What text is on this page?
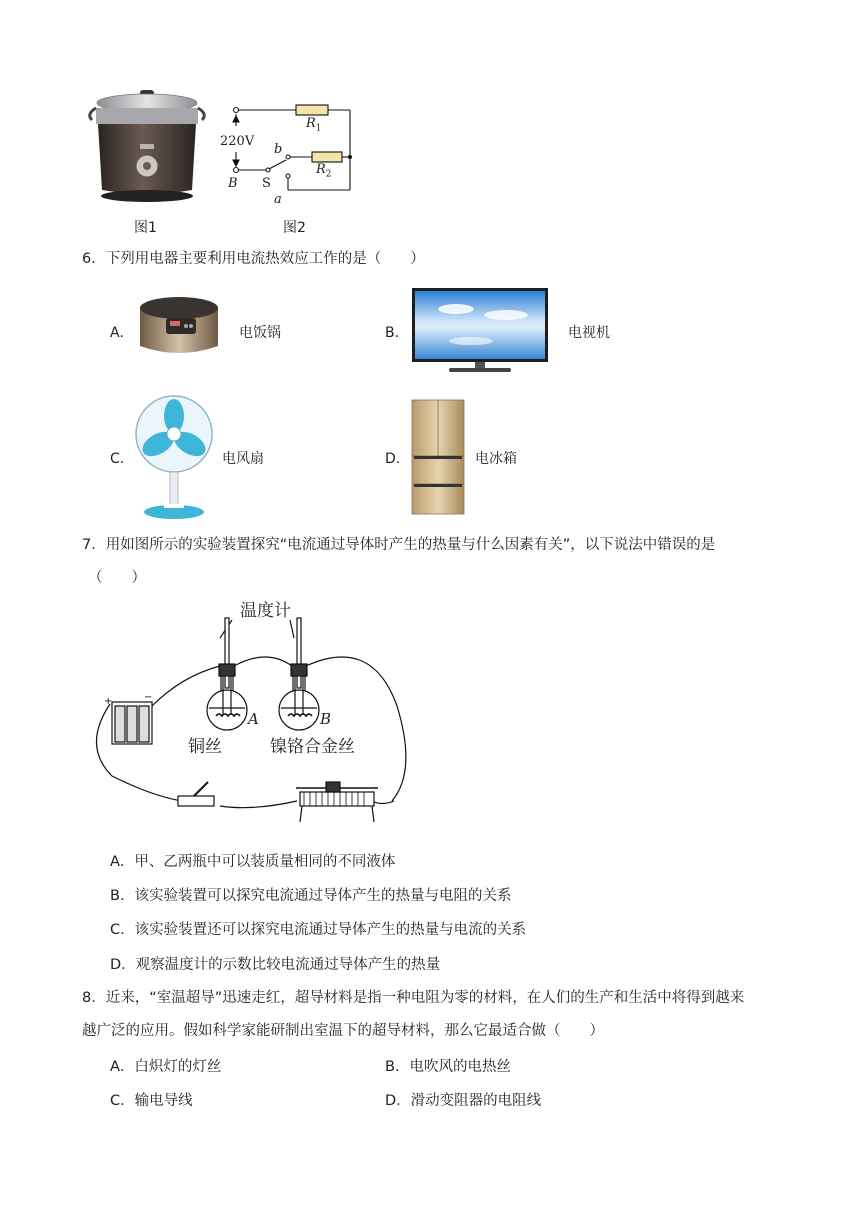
220V
b
B S
a
$R_1$
$R_2$
图1	图2
6．下列用电器主要利用电流热效应工作的是（　　）
A.	电饭锅	B.	电视机
C.	电风扇	D.	电冰箱
7．用如图所示的实验装置探究“电流通过导体时产生的热量与什么因素有关”，以下说法中错误的是
（　　）
+	−
温度计
A	B
铜丝	镍铬合金丝
A．甲、乙两瓶中可以装质量相同的不同液体
B．该实验装置可以探究电流通过导体产生的热量与电阻的关系
C．该实验装置还可以探究电流通过导体产生的热量与电流的关系
D．观察温度计的示数比较电流通过导体产生的热量
8．近来，“室温超导”迅速走红，超导材料是指一种电阻为零的材料，在人们的生产和生活中将得到越来
越广泛的应用。假如科学家能研制出室温下的超导材料，那么它最适合做（　　）
A．白炽灯的灯丝	B．电吹风的电热丝
C．输电导线	D．滑动变阻器的电阻线
